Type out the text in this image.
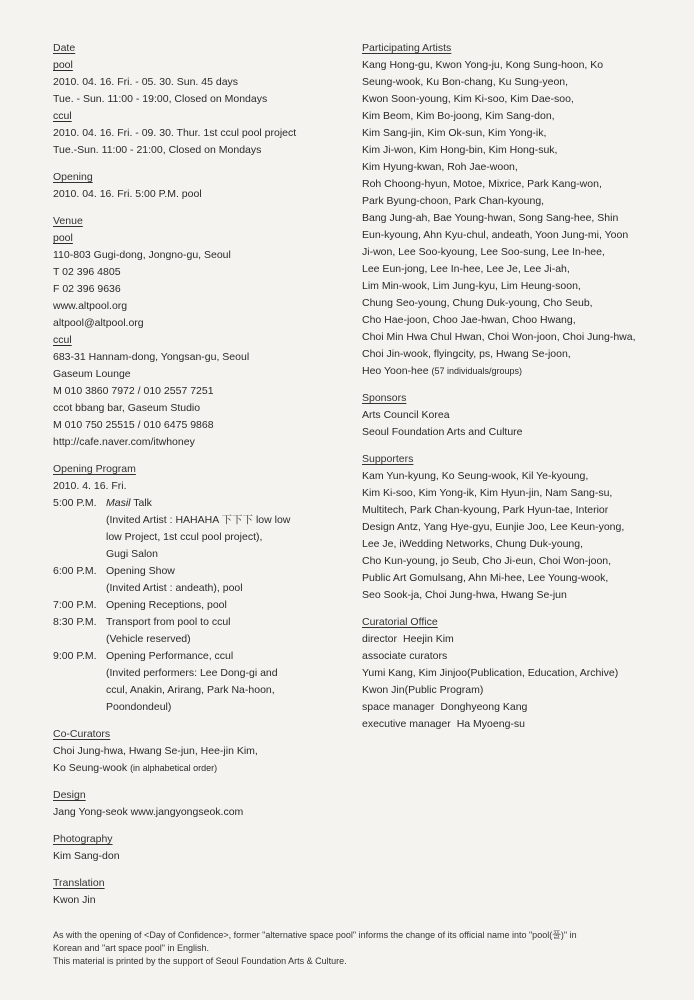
Date
pool
2010. 04. 16. Fri. - 05. 30. Sun. 45 days
Tue. - Sun. 11:00 - 19:00, Closed on Mondays
ccul
2010. 04. 16. Fri. - 09. 30. Thur. 1st ccul pool project
Tue.-Sun. 11:00 - 21:00, Closed on Mondays
Opening
2010. 04. 16. Fri. 5:00 P.M. pool
Venue
pool
110-803 Gugi-dong, Jongno-gu, Seoul
T 02 396 4805
F 02 396 9636
www.altpool.org
altpool@altpool.org
ccul
683-31 Hannam-dong, Yongsan-gu, Seoul
Gaseum Lounge
M 010 3860 7972 / 010 2557 7251
ccot bbang bar, Gaseum Studio
M 010 750 25515 / 010 6475 9868
http://cafe.naver.com/itwhoney
Opening Program
2010. 4. 16. Fri.
5:00 P.M. Masil Talk
(Invited Artist : HAHAHA 下下下 low low
low Project, 1st ccul pool project),
Gugi Salon
6:00 P.M. Opening Show
(Invited Artist : andeath), pool
7:00 P.M. Opening Receptions, pool
8:30 P.M. Transport from pool to ccul
(Vehicle reserved)
9:00 P.M. Opening Performance, ccul
(Invited performers: Lee Dong-gi and
ccul, Anakin, Arirang, Park Na-hoon,
Poondondeul)
Co-Curators
Choi Jung-hwa, Hwang Se-jun, Hee-jin Kim,
Ko Seung-wook (in alphabetical order)
Design
Jang Yong-seok www.jangyongseok.com
Photography
Kim Sang-don
Translation
Kwon Jin
Participating Artists
Kang Hong-gu, Kwon Yong-ju, Kong Sung-hoon, Ko
Seung-wook, Ku Bon-chang, Ku Sung-yeon,
Kwon Soon-young, Kim Ki-soo, Kim Dae-soo,
Kim Beom, Kim Bo-joong, Kim Sang-don,
Kim Sang-jin, Kim Ok-sun, Kim Yong-ik,
Kim Ji-won, Kim Hong-bin, Kim Hong-suk,
Kim Hyung-kwan, Roh Jae-woon,
Roh Choong-hyun, Motoe, Mixrice, Park Kang-won,
Park Byung-choon, Park Chan-kyoung,
Bang Jung-ah, Bae Young-hwan, Song Sang-hee, Shin
Eun-kyoung, Ahn Kyu-chul, andeath, Yoon Jung-mi, Yoon
Ji-won, Lee Soo-kyoung, Lee Soo-sung, Lee In-hee,
Lee Eun-jong, Lee In-hee, Lee Je, Lee Ji-ah,
Lim Min-wook, Lim Jung-kyu, Lim Heung-soon,
Chung Seo-young, Chung Duk-young, Cho Seub,
Cho Hae-joon, Choo Jae-hwan, Choo Hwang,
Choi Min Hwa Chul Hwan, Choi Won-joon, Choi Jung-hwa,
Choi Jin-wook, flyingcity, ps, Hwang Se-joon,
Heo Yoon-hee (57 individuals/groups)
Sponsors
Arts Council Korea
Seoul Foundation Arts and Culture
Supporters
Kam Yun-kyung, Ko Seung-wook, Kil Ye-kyoung,
Kim Ki-soo, Kim Yong-ik, Kim Hyun-jin, Nam Sang-su,
Multitech, Park Chan-kyoung, Park Hyun-tae, Interior
Design Antz, Yang Hye-gyu, Eunjie Joo, Lee Keun-yong,
Lee Je, iWedding Networks, Chung Duk-young,
Cho Kun-young, jo Seub, Cho Ji-eun, Choi Won-joon,
Public Art Gomulsang, Ahn Mi-hee, Lee Young-wook,
Seo Sook-ja, Choi Jung-hwa, Hwang Se-jun
Curatorial Office
director Heejin Kim
associate curators
Yumi Kang, Kim Jinjoo(Publication, Education, Archive)
Kwon Jin(Public Program)
space manager Donghyeong Kang
executive manager Ha Myoeng-su
As with the opening of <Day of Confidence>, former "alternative space pool" informs the change of its official name into "pool(풀)" in
Korean and "art space pool" in English.
This material is printed by the support of Seoul Foundation Arts & Culture.
